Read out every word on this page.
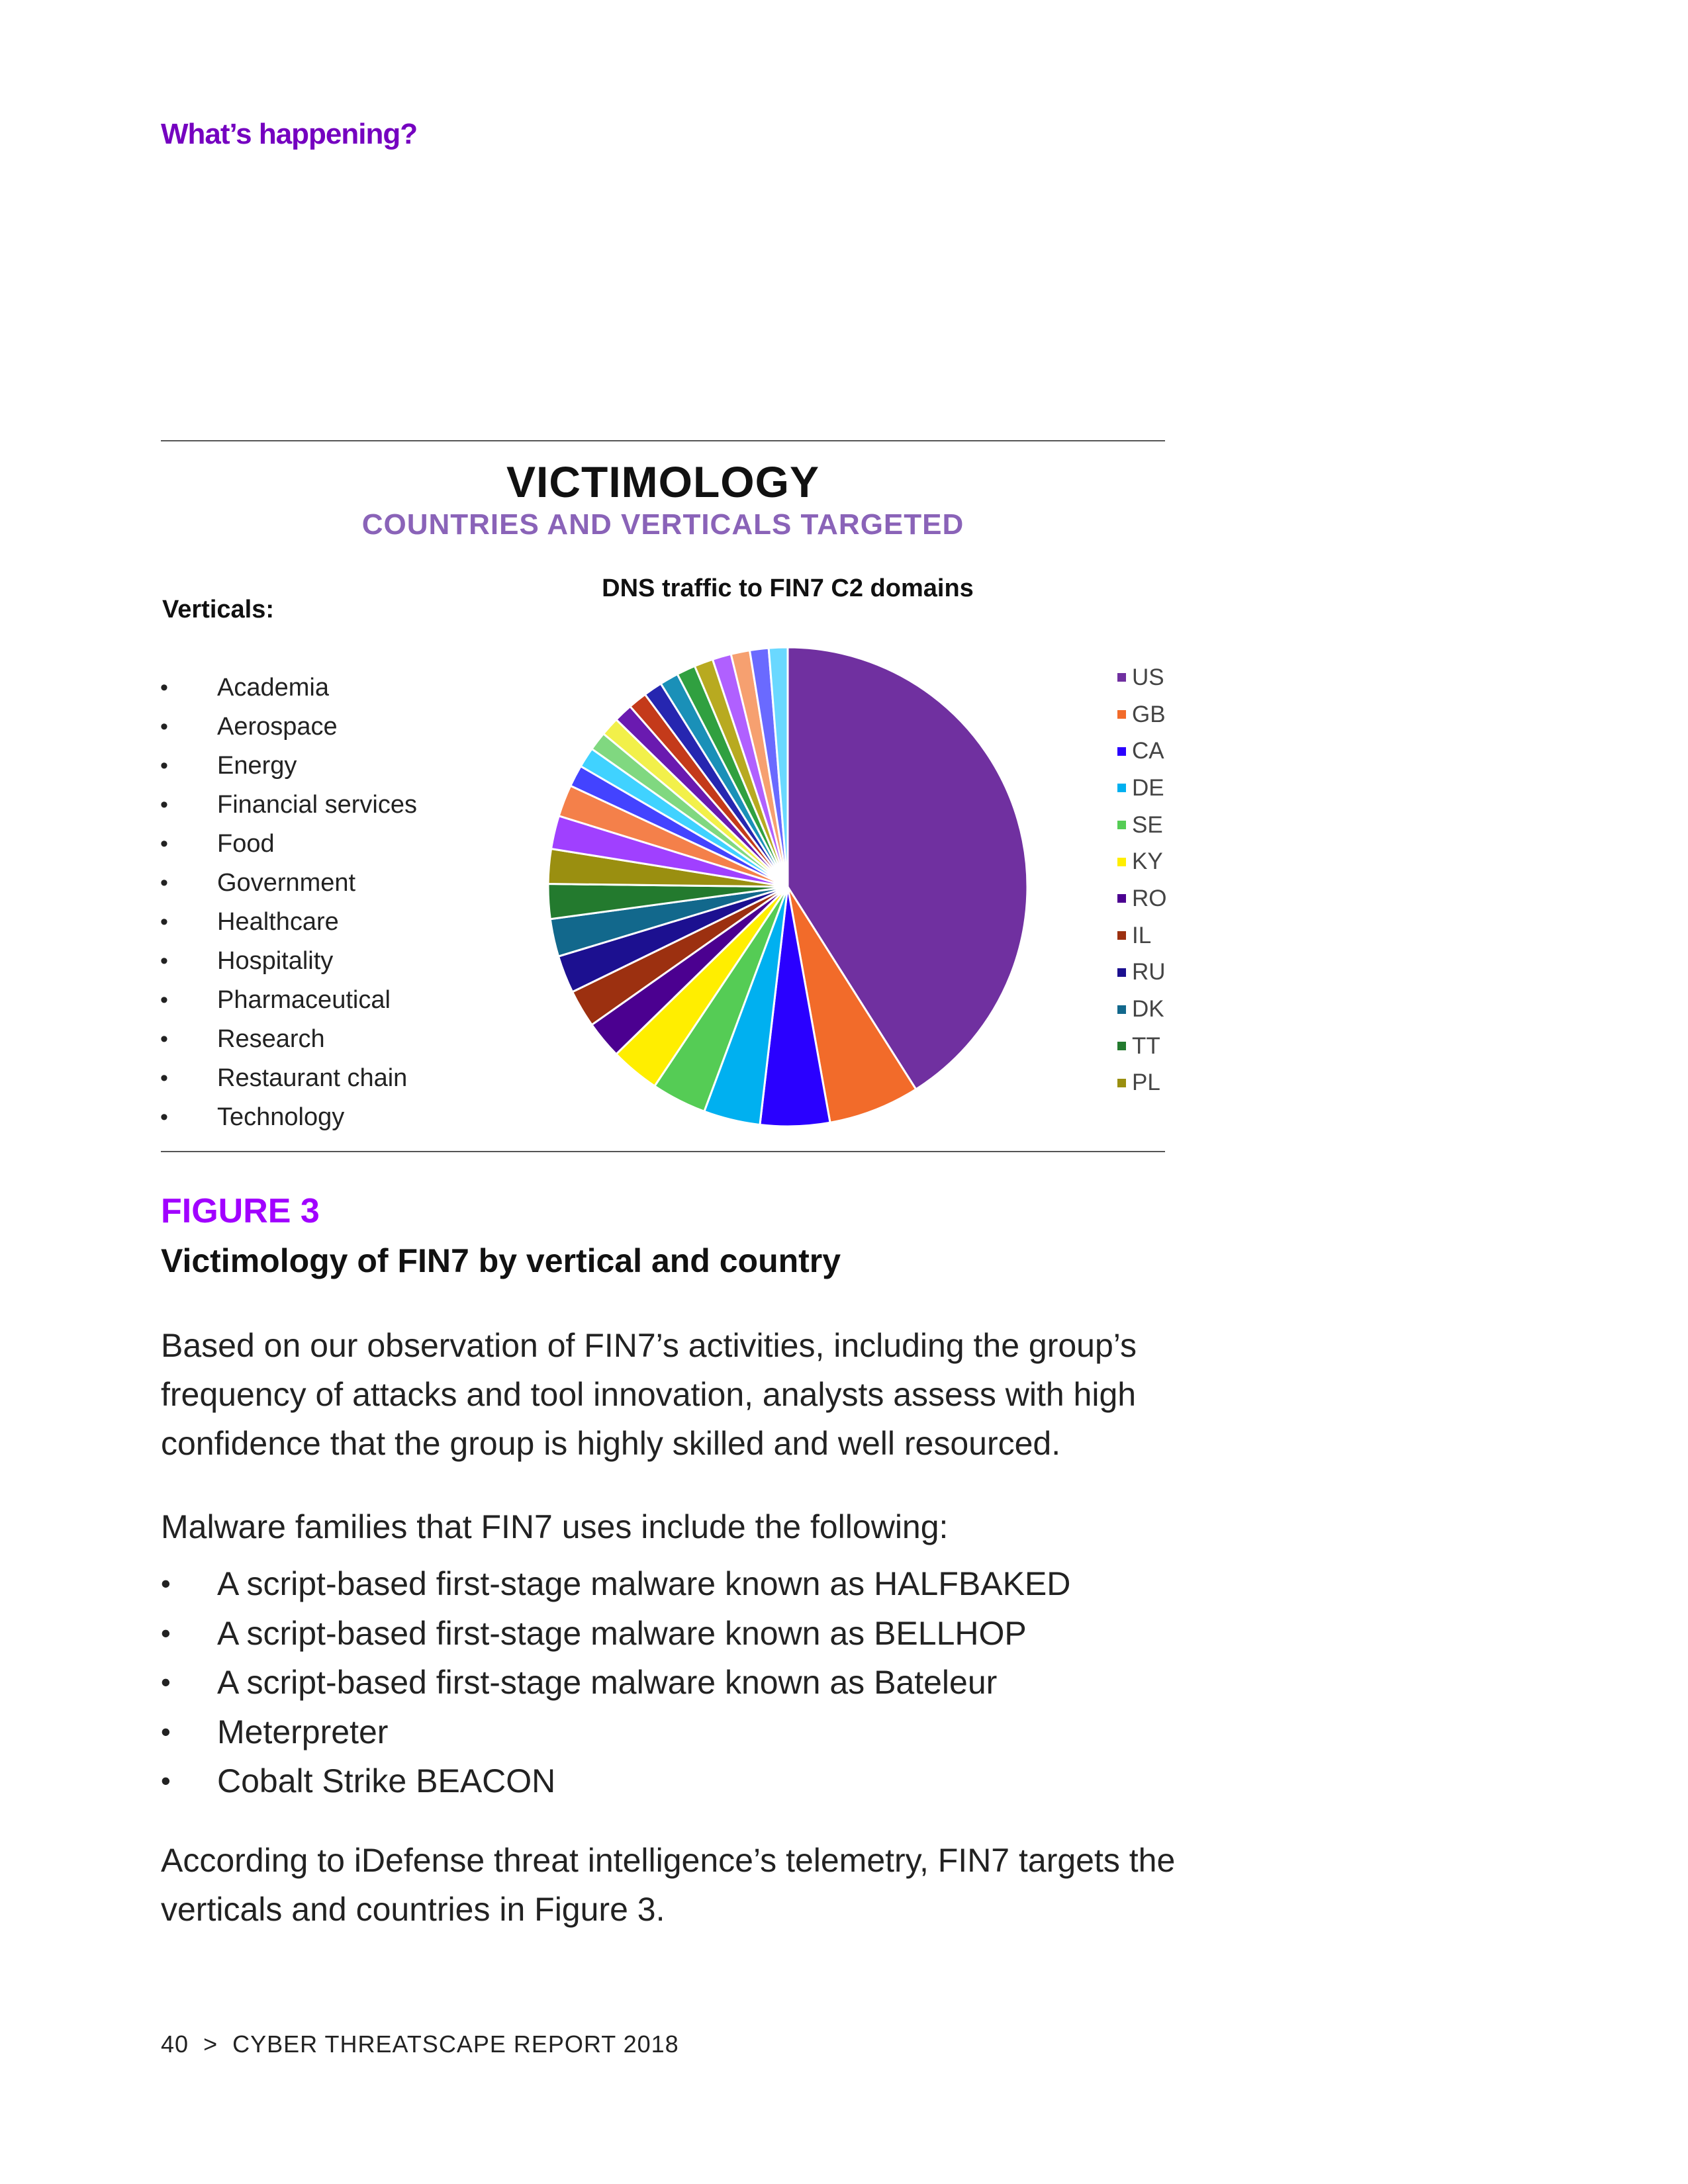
What’s happening?
VICTIMOLOGY
COUNTRIES AND VERTICALS TARGETED
Verticals:
• Academia
• Aerospace
• Energy
• Financial services
• Food
• Government
• Healthcare
• Hospitality
• Pharmaceutical
• Research
• Restaurant chain
• Technology
DNS traffic to FIN7 C2 domains
US
GB
CA
DE
SE
KY
RO
IL
RU
DK
TT
PL
FIGURE 3
Victimology of FIN7 by vertical and country

Based on our observation of FIN7’s activities, including the group’s frequency of attacks and tool innovation, analysts assess with high confidence that the group is highly skilled and well resourced.

Malware families that FIN7 uses include the following:

• A script-based first-stage malware known as HALFBAKED
• A script-based first-stage malware known as BELLHOP
• A script-based first-stage malware known as Bateleur
• Meterpreter
• Cobalt Strike BEACON

According to iDefense threat intelligence’s telemetry, FIN7 targets the verticals and countries in Figure 3.

40 > CYBER THREATSCAPE REPORT 2018
